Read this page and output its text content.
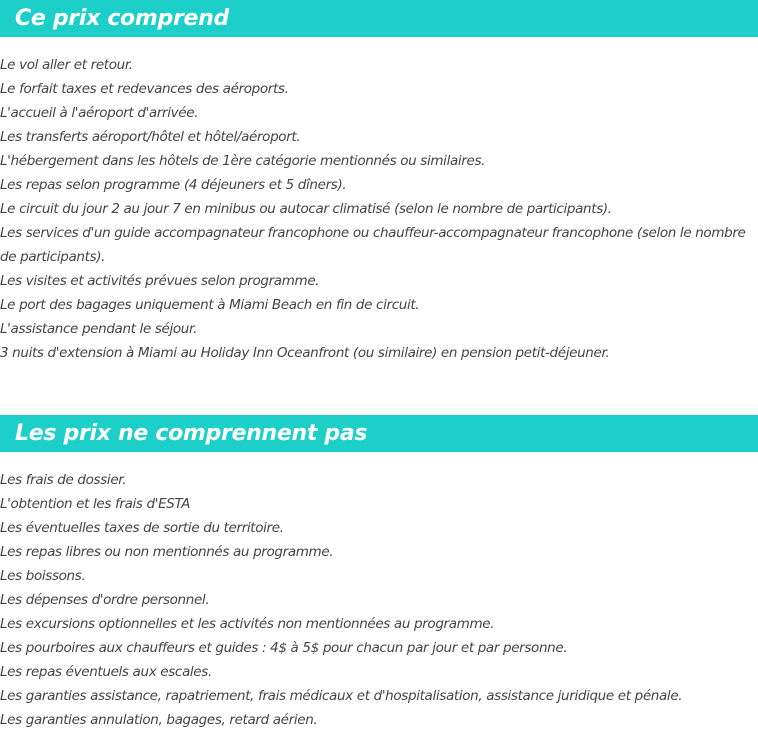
Ce prix comprend
Le vol aller et retour.
Le forfait taxes et redevances des aéroports.
L'accueil à l'aéroport d'arrivée.
Les transferts aéroport/hôtel et hôtel/aéroport.
L'hébergement dans les hôtels de 1ère catégorie mentionnés ou similaires.
Les repas selon programme (4 déjeuners et 5 dîners).
Le circuit du jour 2 au jour 7 en minibus ou autocar climatisé (selon le nombre de participants).
Les services d'un guide accompagnateur francophone ou chauffeur-accompagnateur francophone (selon le nombre de participants).
Les visites et activités prévues selon programme.
Le port des bagages uniquement à Miami Beach en fin de circuit.
L'assistance pendant le séjour.
3 nuits d'extension à Miami au Holiday Inn Oceanfront (ou similaire) en pension petit-déjeuner.
Les prix ne comprennent pas
Les frais de dossier.
L'obtention et les frais d'ESTA
Les éventuelles taxes de sortie du territoire.
Les repas libres ou non mentionnés au programme.
Les boissons.
Les dépenses d'ordre personnel.
Les excursions optionnelles et les activités non mentionnées au programme.
Les pourboires aux chauffeurs et guides : 4$ à 5$ pour chacun par jour et par personne.
Les repas éventuels aux escales.
Les garanties assistance, rapatriement, frais médicaux et d'hospitalisation, assistance juridique et pénale.
Les garanties annulation, bagages, retard aérien.
